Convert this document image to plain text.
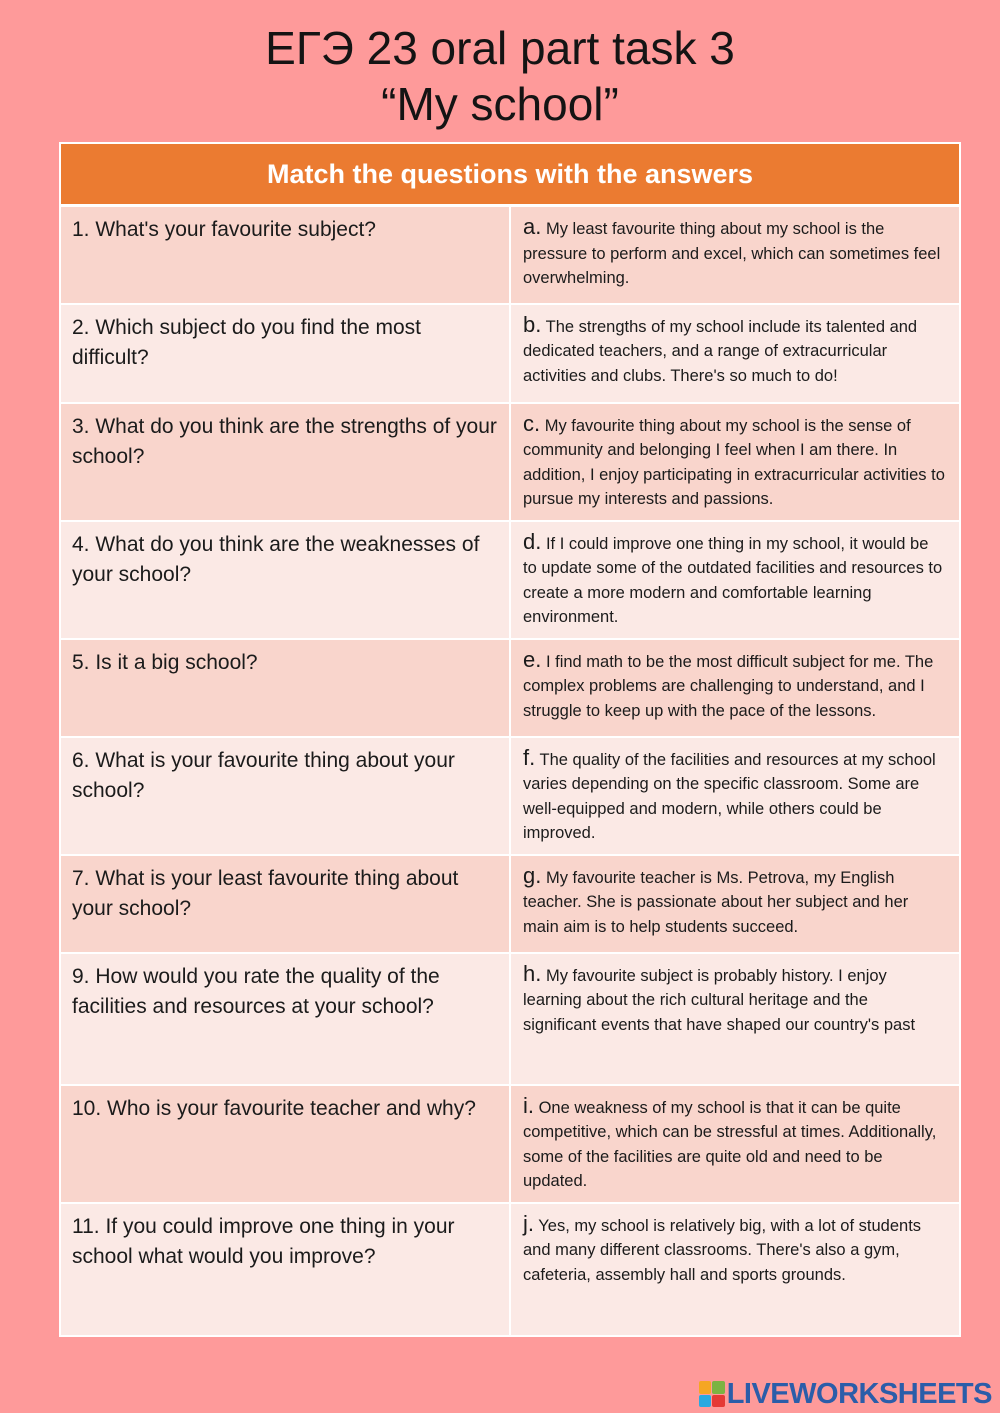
ЕГЭ 23 oral part task 3
“My school”
Match the questions with the answers	
1. What's your favourite subject?	a. My least favourite thing about my school is the pressure to perform and excel, which can sometimes feel overwhelming.
2. Which subject do you find the most difficult?	b. The strengths of my school include its talented and dedicated teachers, and a range of extracurricular activities and clubs. There's so much to do!
3. What do you think are the strengths of your school?	c. My favourite thing about my school is the sense of community and belonging I feel when I am there. In addition, I enjoy participating in extracurricular activities to pursue my interests and passions.
4. What do you think are the weaknesses of your school?	d. If I could improve one thing in my school, it would be to update some of the outdated facilities and resources to create a more modern and comfortable learning environment.
5. Is it a big school?	e. I find math to be the most difficult subject for me. The complex problems are challenging to understand, and I struggle to keep up with the pace of the lessons.
6. What is your favourite thing about your school?	f. The quality of the facilities and resources at my school varies depending on the specific classroom. Some are well-equipped and modern, while others could be improved.
7. What is your least favourite thing about your school?	g. My favourite teacher is Ms. Petrova, my English teacher. She is passionate about her subject and her main aim is to help students succeed.
9. How would you rate the quality of the facilities and resources at your school?	h. My favourite subject is probably history. I enjoy learning about the rich cultural heritage and the significant events that have shaped our country's past
10. Who is your favourite teacher and why?	i. One weakness of my school is that it can be quite competitive, which can be stressful at times. Additionally, some of the facilities are quite old and need to be updated.
11. If you could improve one thing in your school what would you improve?	j. Yes, my school is relatively big, with a lot of students and many different classrooms. There's also a gym, cafeteria, assembly hall and sports grounds.
LIVEWORKSHEETS
